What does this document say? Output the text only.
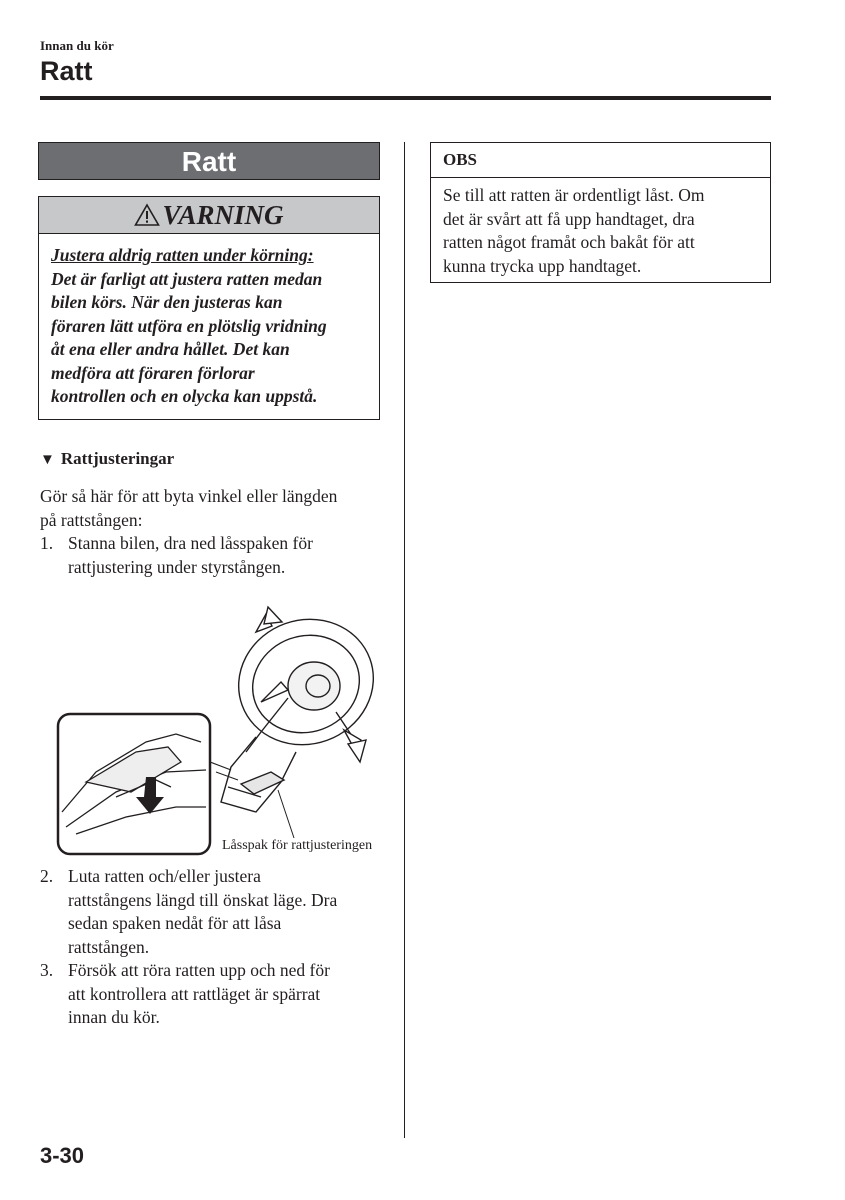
Innan du kör
Ratt
Ratt
VARNING
Justera aldrig ratten under körning:
Det är farligt att justera ratten medan
bilen körs. När den justeras kan
föraren lätt utföra en plötslig vridning
åt ena eller andra hållet. Det kan
medföra att föraren förlorar
kontrollen och en olycka kan uppstå.
▼ Rattjusteringar
Gör så här för att byta vinkel eller längden
på rattstången:
1. Stanna bilen, dra ned låsspaken för
rattjustering under styrstången.
Låsspak för rattjusteringen
2. Luta ratten och/eller justera
rattstångens längd till önskat läge. Dra
sedan spaken nedåt för att låsa
rattstången.
3. Försök att röra ratten upp och ned för
att kontrollera att rattläget är spärrat
innan du kör.
OBS
Se till att ratten är ordentligt låst. Om
det är svårt att få upp handtaget, dra
ratten något framåt och bakåt för att
kunna trycka upp handtaget.
3-30
